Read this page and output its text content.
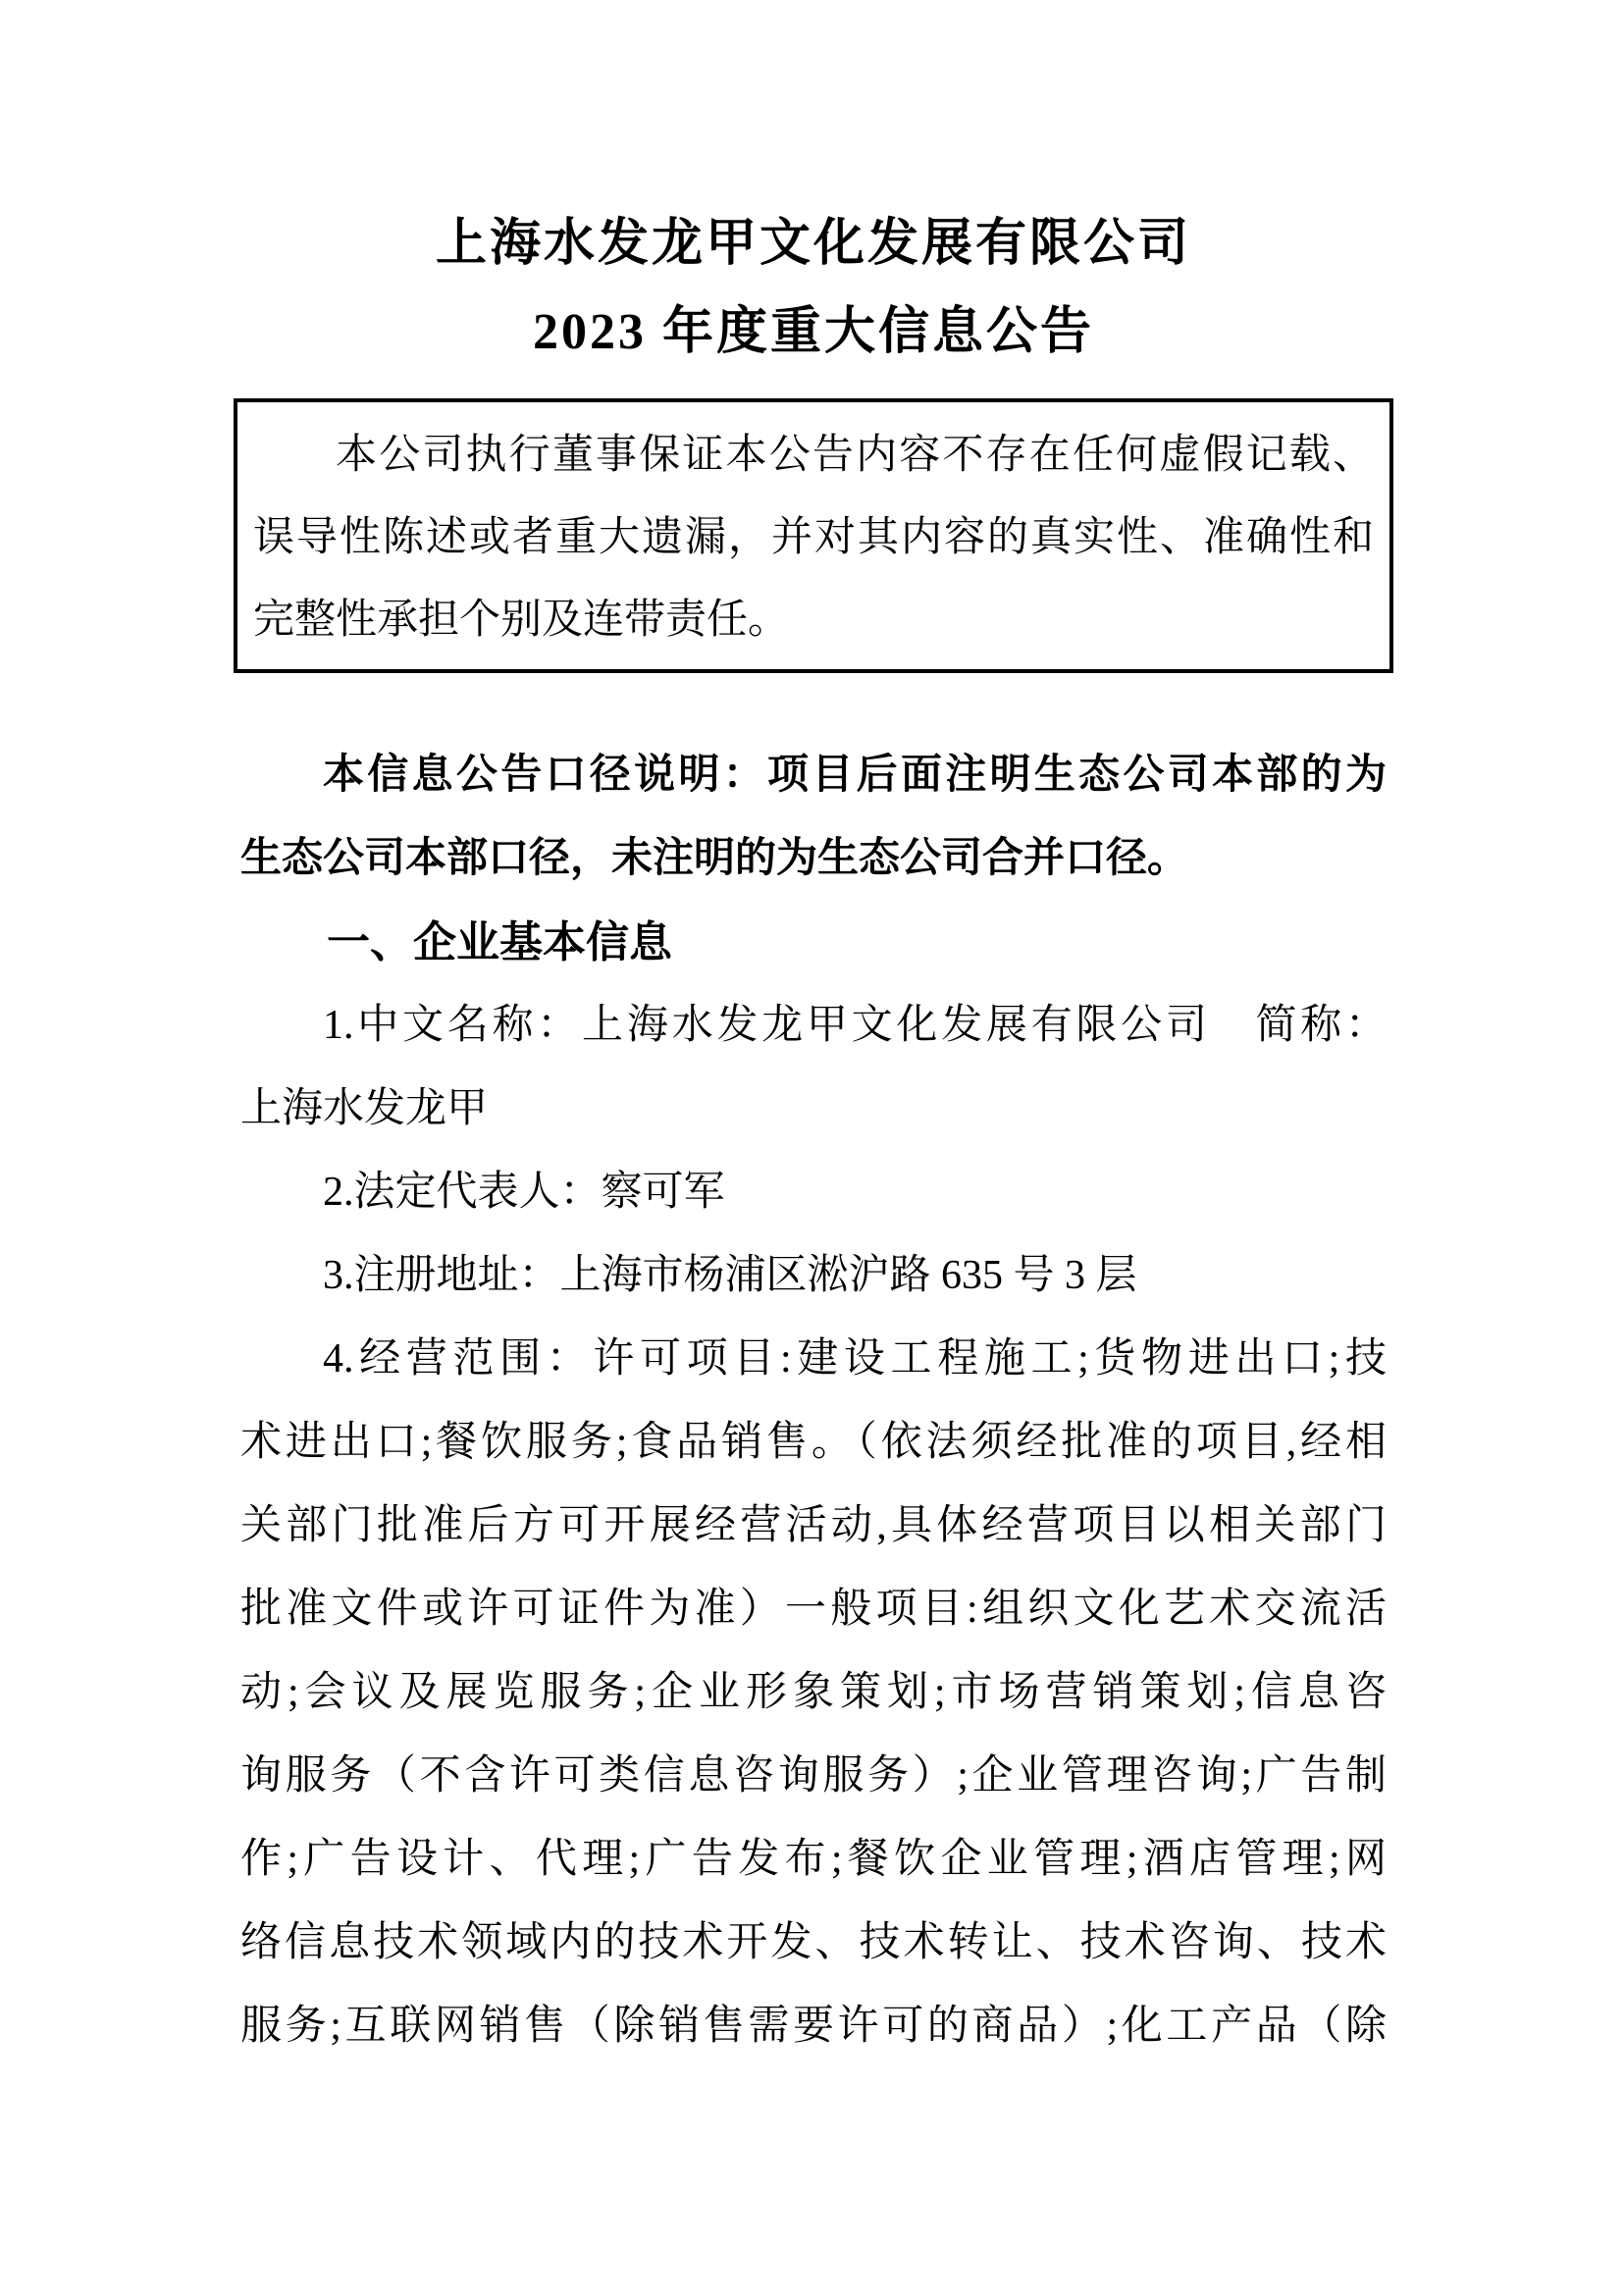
上海水发龙甲文化发展有限公司
2023 年度重大信息公告
本公司执行董事保证本公告内容不存在任何虚假记载、
误导性陈述或者重大遗漏，并对其内容的真实性、准确性和
完整性承担个别及连带责任。
本信息公告口径说明：项目后面注明生态公司本部的为
生态公司本部口径，未注明的为生态公司合并口径。
一、企业基本信息
1.中文名称：上海水发龙甲文化发展有限公司　简称：
上海水发龙甲
2.法定代表人：察可军
3.注册地址：上海市杨浦区淞沪路 635 号 3 层
4.经营范围：许可项目:建设工程施工;货物进出口;技
术进出口;餐饮服务;食品销售。（依法须经批准的项目,经相
关部门批准后方可开展经营活动,具体经营项目以相关部门
批准文件或许可证件为准）一般项目:组织文化艺术交流活
动;会议及展览服务;企业形象策划;市场营销策划;信息咨
询服务（不含许可类信息咨询服务）;企业管理咨询;广告制
作;广告设计、代理;广告发布;餐饮企业管理;酒店管理;网
络信息技术领域内的技术开发、技术转让、技术咨询、技术
服务;互联网销售（除销售需要许可的商品）;化工产品（除
